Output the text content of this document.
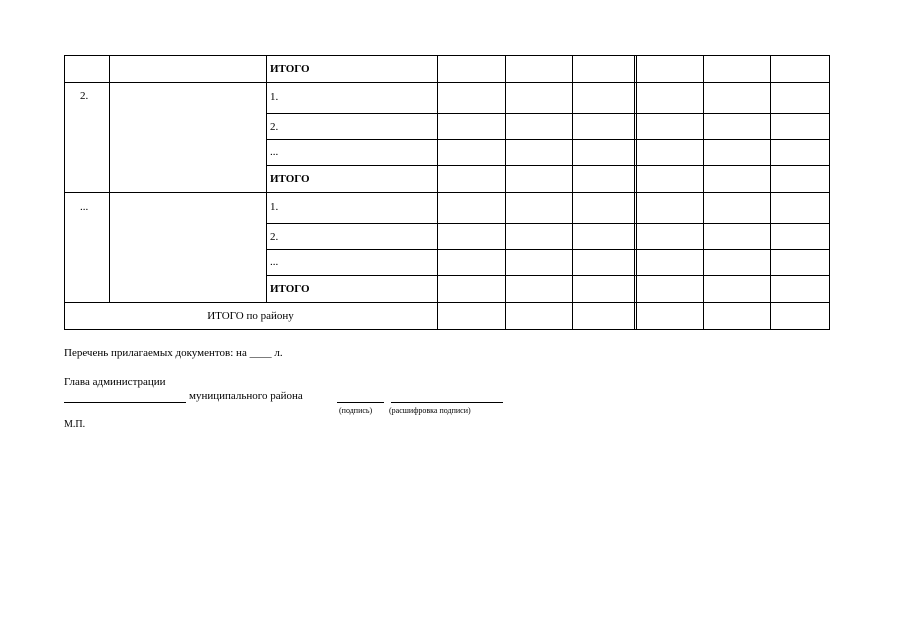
2.
...
ИТОГО
1.
2.
...
ИТОГО
1.
2.
...
ИТОГО
ИТОГО по району
Перечень прилагаемых документов: на ____ л.
Глава администрации
муниципального района
(подпись) (расшифровка подписи)
М.П.
